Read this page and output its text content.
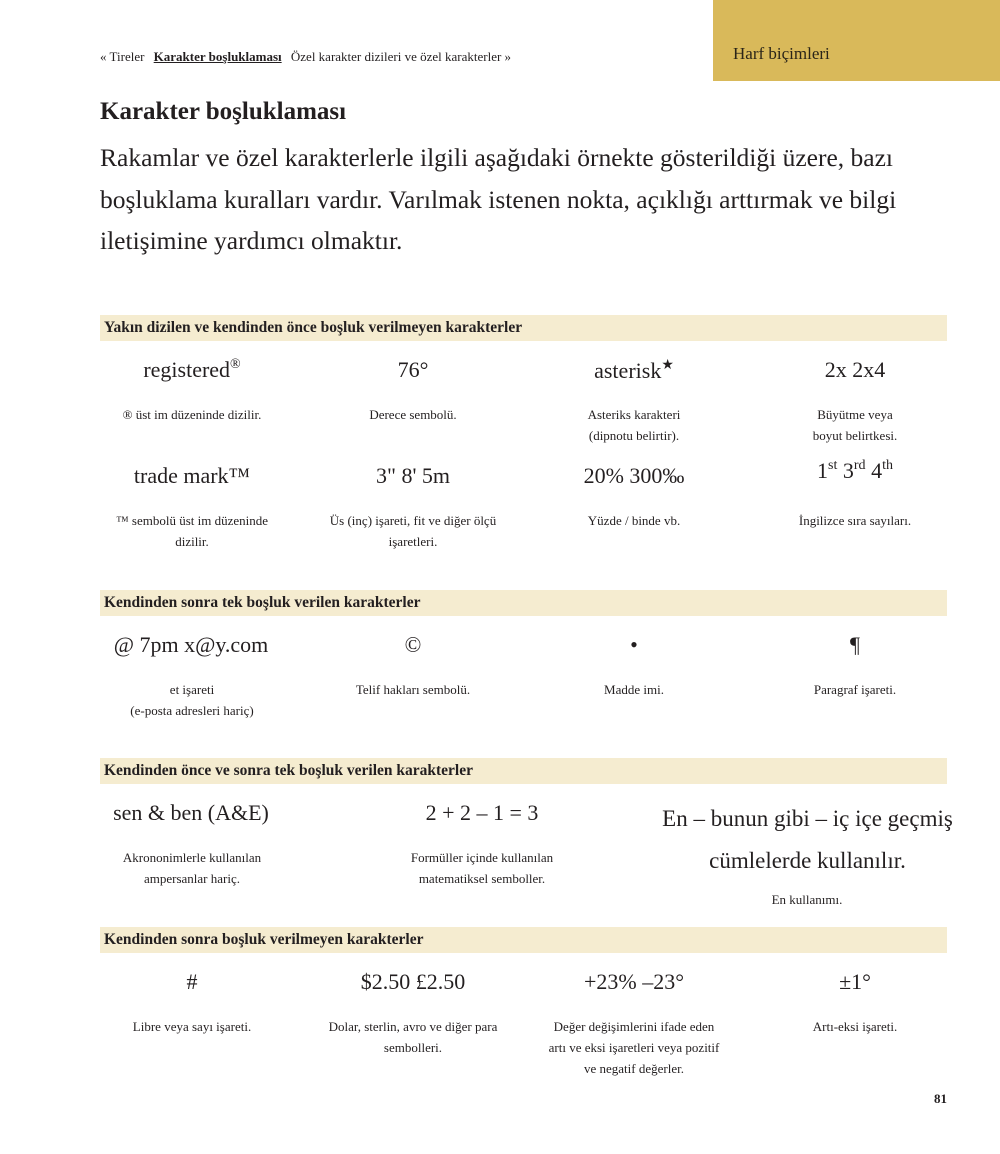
Harf biçimleri
« Tireler Karakter boşluklaması Özel karakter dizileri ve özel karakterler »
Karakter boşluklaması

Rakamlar ve özel karakterlerle ilgili aşağıdaki örnekte gösterildiği üzere, bazı boşluklama kuralları vardır. Varılmak istenen nokta, açıklığı arttırmak ve bilgi iletişimine yardımcı olmaktır.

Yakın dizilen ve kendinden önce boşluk verilmeyen karakterler
registered®
® üst im düzeninde dizilir.
76°
Derece sembolü.
asterisk★
Asteriks karakteri
(dipnotu belirtir).
2x 2x4
Büyütme veya
boyut belirtkesi.
trade mark™
™ sembolü üst im düzeninde
dizilir.
3" 8' 5m
Üs (inç) işareti, fit ve diğer ölçü
işaretleri.
20% 300‰
Yüzde / binde vb.
1st 3rd 4th
İngilizce sıra sayıları.
Kendinden sonra tek boşluk verilen karakterler
@ 7pm x@y.com
et işareti
(e-posta adresleri hariç)
©
Telif hakları sembolü.
•
Madde imi.
¶
Paragraf işareti.
Kendinden önce ve sonra tek boşluk verilen karakterler
sen & ben (A&E)
Akrononimlerle kullanılan
ampersanlar hariç.
2 + 2 – 1 = 3
Formüller içinde kullanılan
matematiksel semboller.
En – bunun gibi – iç içe geçmiş cümlelerde kullanılır.
En kullanımı.
Kendinden sonra boşluk verilmeyen karakterler
#
Libre veya sayı işareti.
$2.50 £2.50
Dolar, sterlin, avro ve diğer para
sembolleri.
+23% –23°
Değer değişimlerini ifade eden
artı ve eksi işaretleri veya pozitif
ve negatif değerler.
±1°
Artı-eksi işareti.
81
